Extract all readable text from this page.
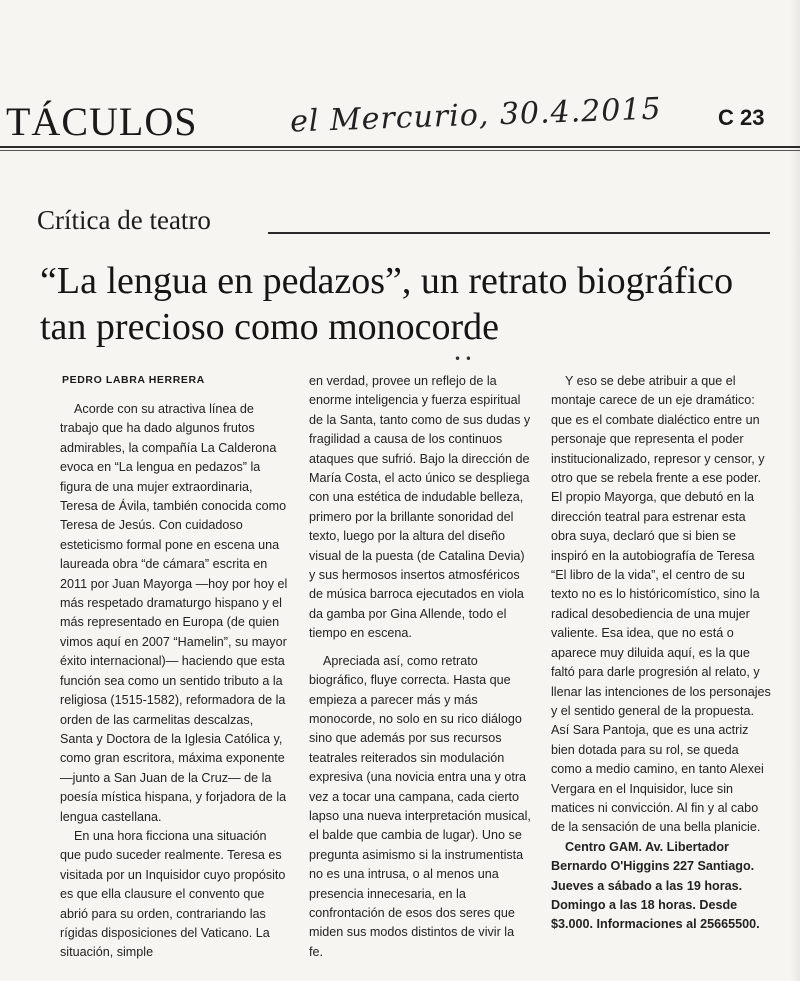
TÁCULOS	el Mercurio, 30.4.2015	C 23
Crítica de teatro
“La lengua en pedazos”, un retrato biográfico tan precioso como monocorde
• •
PEDRO LABRA HERRERA

Acorde con su atractiva línea de trabajo que ha dado algunos frutos admirables, la compañía La Calderona evoca en “La lengua en pedazos” la figura de una mujer extraordinaria, Teresa de Ávila, también conocida como Teresa de Jesús. Con cuidadoso esteticismo formal pone en escena una laureada obra “de cámara” escrita en 2011 por Juan Mayorga —hoy por hoy el más respetado dramaturgo hispano y el más representado en Europa (de quien vimos aquí en 2007 “Hamelin”, su mayor éxito internacional)— haciendo que esta función sea como un sentido tributo a la religiosa (1515-1582), reformadora de la orden de las carmelitas descalzas, Santa y Doctora de la Iglesia Católica y, como gran escritora, máxima exponente —junto a San Juan de la Cruz— de la poesía mística hispana, y forjadora de la lengua castellana.

En una hora ficciona una situación que pudo suceder realmente. Teresa es visitada por un Inquisidor cuyo propósito es que ella clausure el convento que abrió para su orden, contrariando las rígidas disposiciones del Vaticano. La situación, simple

en verdad, provee un reflejo de la enorme inteligencia y fuerza espiritual de la Santa, tanto como de sus dudas y fragilidad a causa de los continuos ataques que sufrió. Bajo la dirección de María Costa, el acto único se despliega con una estética de indudable belleza, primero por la brillante sonoridad del texto, luego por la altura del diseño visual de la puesta (de Catalina Devia) y sus hermosos insertos atmosféricos de música barroca ejecutados en viola da gamba por Gina Allende, todo el tiempo en escena.

Apreciada así, como retrato biográfico, fluye correcta. Hasta que empieza a parecer más y más monocorde, no solo en su rico diálogo sino que además por sus recursos teatrales reiterados sin modulación expresiva (una novicia entra una y otra vez a tocar una campana, cada cierto lapso una nueva interpretación musical, el balde que cambia de lugar). Uno se pregunta asimismo si la instrumentista no es una intrusa, o al menos una presencia innecesaria, en la confrontación de esos dos seres que miden sus modos distintos de vivir la fe.

Y eso se debe atribuir a que el montaje carece de un eje dramático: que es el combate dialéctico entre un personaje que representa el poder institucionalizado, represor y censor, y otro que se rebela frente a ese poder. El propio Mayorga, que debutó en la dirección teatral para estrenar esta obra suya, declaró que si bien se inspiró en la autobiografía de Teresa “El libro de la vida”, el centro de su texto no es lo históricomístico, sino la radical desobediencia de una mujer valiente. Esa idea, que no está o aparece muy diluida aquí, es la que faltó para darle progresión al relato, y llenar las intenciones de los personajes y el sentido general de la propuesta. Así Sara Pantoja, que es una actriz bien dotada para su rol, se queda como a medio camino, en tanto Alexei Vergara en el Inquisidor, luce sin matices ni convicción. Al fin y al cabo de la sensación de una bella planicie.

Centro GAM. Av. Libertador Bernardo O'Higgins 227 Santiago. Jueves a sábado a las 19 horas. Domingo a las 18 horas. Desde $3.000. Informaciones al 25665500.
